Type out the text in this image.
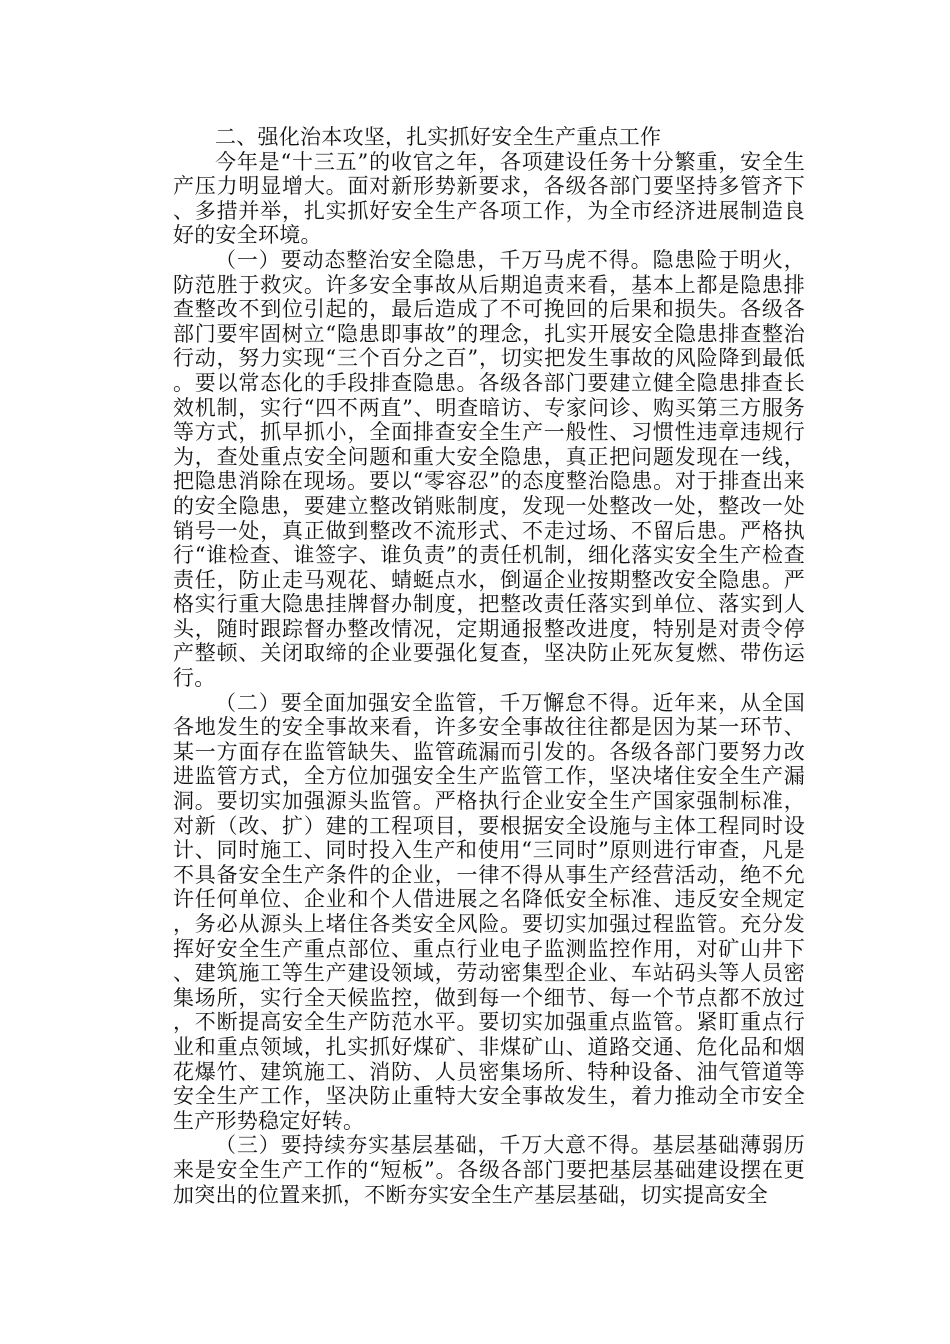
二、强化治本攻坚，扎实抓好安全生产重点工作

今年是“十三五”的收官之年，各项建设任务十分繁重，安全生产压力明显增大。面对新形势新要求，各级各部门要坚持多管齐下、多措并举，扎实抓好安全生产各项工作，为全市经济进展制造良好的安全环境。

（一）要动态整治安全隐患，千万马虎不得。隐患险于明火，防范胜于救灾。许多安全事故从后期追责来看，基本上都是隐患排查整改不到位引起的，最后造成了不可挽回的后果和损失。各级各部门要牢固树立“隐患即事故”的理念，扎实开展安全隐患排查整治行动，努力实现“三个百分之百”，切实把发生事故的风险降到最低。要以常态化的手段排查隐患。各级各部门要建立健全隐患排查长效机制，实行“四不两直”、明查暗访、专家问诊、购买第三方服务等方式，抓早抓小，全面排查安全生产一般性、习惯性违章违规行为，查处重点安全问题和重大安全隐患，真正把问题发现在一线，把隐患消除在现场。要以“零容忍”的态度整治隐患。对于排查出来的安全隐患，要建立整改销账制度，发现一处整改一处，整改一处销号一处，真正做到整改不流形式、不走过场、不留后患。严格执行“谁检查、谁签字、谁负责”的责任机制，细化落实安全生产检查责任，防止走马观花、蜻蜓点水，倒逼企业按期整改安全隐患。严格实行重大隐患挂牌督办制度，把整改责任落实到单位、落实到人头，随时跟踪督办整改情况，定期通报整改进度，特别是对责令停产整顿、关闭取缔的企业要强化复查，坚决防止死灰复燃、带伤运行。

（二）要全面加强安全监管，千万懈怠不得。近年来，从全国各地发生的安全事故来看，许多安全事故往往都是因为某一环节、某一方面存在监管缺失、监管疏漏而引发的。各级各部门要努力改进监管方式，全方位加强安全生产监管工作，坚决堵住安全生产漏洞。要切实加强源头监管。严格执行企业安全生产国家强制标准，对新（改、扩）建的工程项目，要根据安全设施与主体工程同时设计、同时施工、同时投入生产和使用“三同时”原则进行审查，凡是不具备安全生产条件的企业，一律不得从事生产经营活动，绝不允许任何单位、企业和个人借进展之名降低安全标准、违反安全规定，务必从源头上堵住各类安全风险。要切实加强过程监管。充分发挥好安全生产重点部位、重点行业电子监测监控作用，对矿山井下、建筑施工等生产建设领域，劳动密集型企业、车站码头等人员密集场所，实行全天候监控，做到每一个细节、每一个节点都不放过，不断提高安全生产防范水平。要切实加强重点监管。紧盯重点行业和重点领域，扎实抓好煤矿、非煤矿山、道路交通、危化品和烟花爆竹、建筑施工、消防、人员密集场所、特种设备、油气管道等安全生产工作，坚决防止重特大安全事故发生，着力推动全市安全生产形势稳定好转。

（三）要持续夯实基层基础，千万大意不得。基层基础薄弱历来是安全生产工作的“短板”。各级各部门要把基层基础建设摆在更加突出的位置来抓，不断夯实安全生产基层基础，切实提高安全
